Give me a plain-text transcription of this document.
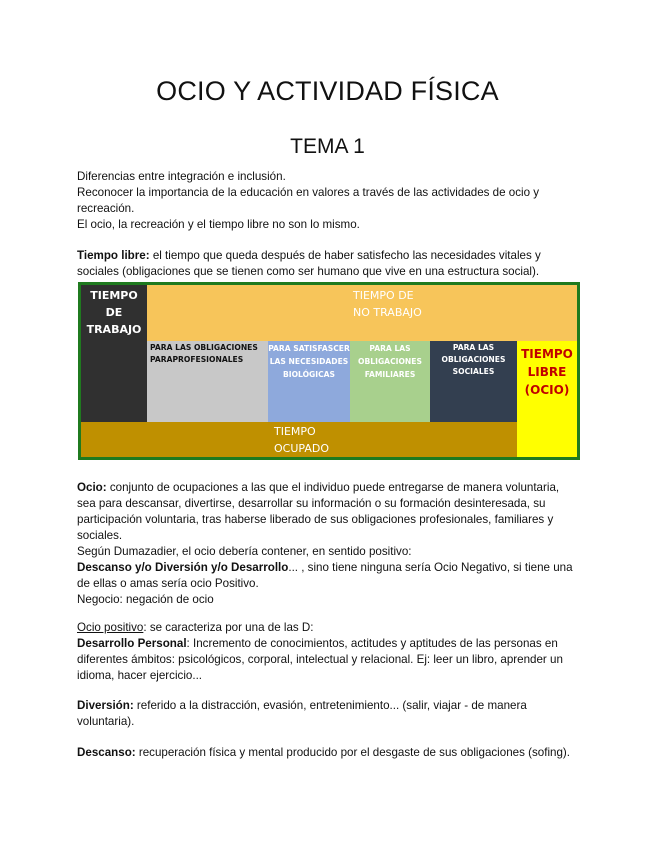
OCIO Y ACTIVIDAD FÍSICA
TEMA 1
Diferencias entre integración e inclusión.
Reconocer la importancia de la educación en valores a través de las actividades de ocio y recreación.
El ocio, la recreación y el tiempo libre no son lo mismo.

Tiempo libre: el tiempo que queda después de haber satisfecho las necesidades vitales y sociales (obligaciones que se tienen como ser humano que vive en una estructura social).

TIEMPO DE TRABAJO
TIEMPO DE NO TRABAJO
PARA LAS OBLIGACIONES PARAPROFESIONALES
PARA SATISFASCER LAS NECESIDADES BIOLÓGICAS
PARA LAS OBLIGACIONES FAMILIARES
PARA LAS OBLIGACIONES SOCIALES
TIEMPO LIBRE (OCIO)
TIEMPO OCUPADO
Ocio: conjunto de ocupaciones a las que el individuo puede entregarse de manera voluntaria, sea para descansar, divertirse, desarrollar su información o su formación desinteresada, su participación voluntaria, tras haberse liberado de sus obligaciones profesionales, familiares y sociales.
Según Dumazadier, el ocio debería contener, en sentido positivo:
Descanso y/o Diversión y/o Desarrollo... , sino tiene ninguna sería Ocio Negativo, si tiene una de ellas o amas sería ocio Positivo.
Negocio: negación de ocio
Ocio positivo: se caracteriza por una de las D:
Desarrollo Personal: Incremento de conocimientos, actitudes y aptitudes de las personas en diferentes ámbitos: psicológicos, corporal, intelectual y relacional. Ej: leer un libro, aprender un idioma, hacer ejercicio...

Diversión: referido a la distracción, evasión, entretenimiento... (salir, viajar - de manera voluntaria).

Descanso: recuperación física y mental producido por el desgaste de sus obligaciones (sofing).
